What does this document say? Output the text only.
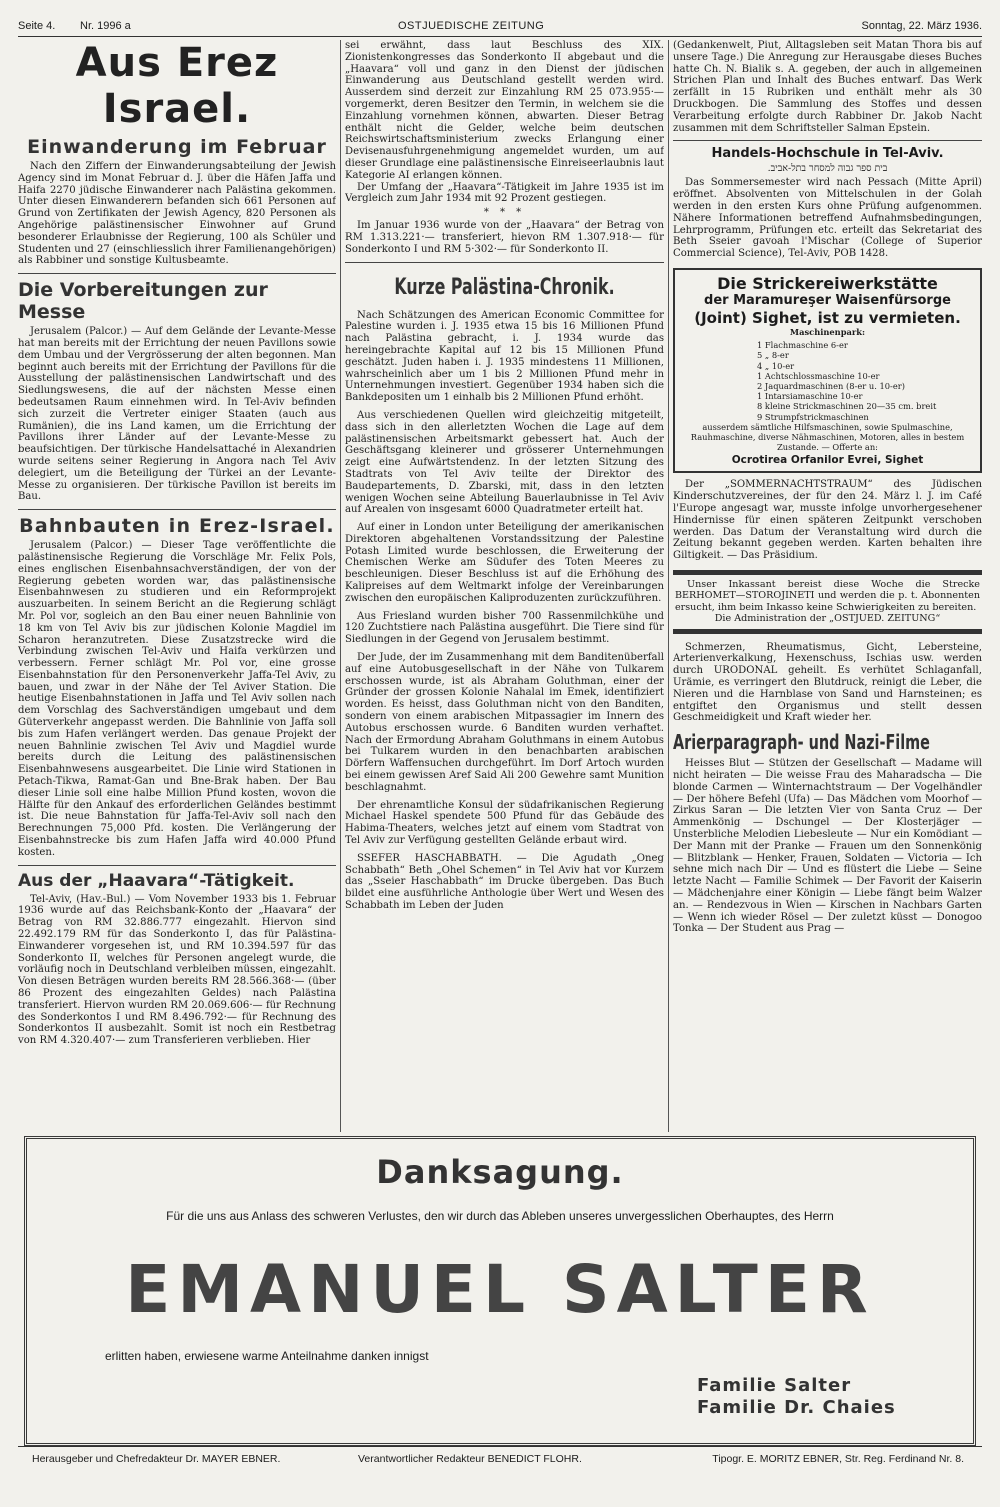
Seite 4. Nr. 1996 a	OSTJUEDISCHE ZEITUNG	Sonntag, 22. März 1936.
Aus Erez Israel.
Einwanderung im Februar

Nach den Ziffern der Einwanderungsabteilung der Jewish Agency sind im Monat Februar d. J. über die Häfen Jaffa und Haifa 2270 jüdische Einwanderer nach Palästina gekommen. Unter diesen Einwanderern befanden sich 661 Personen auf Grund von Zertifikaten der Jewish Agency, 820 Personen als Angehörige palästinensischer Einwohner auf Grund besonderer Erlaubnisse der Regierung, 100 als Schüler und Studenten und 27 (einschliesslich ihrer Familienangehörigen) als Rabbiner und sonstige Kultusbeamte.

Die Vorbereitungen zur Messe

Jerusalem (Palcor.) — Auf dem Gelände der Levante-Messe hat man bereits mit der Errichtung der neuen Pavillons sowie dem Umbau und der Vergrösserung der alten begonnen. Man beginnt auch bereits mit der Errichtung der Pavillons für die Ausstellung der palästinensischen Landwirtschaft und des Siedlungswesens, die auf der nächsten Messe einen bedeutsamen Raum einnehmen wird. In Tel-Aviv befinden sich zurzeit die Vertreter einiger Staaten (auch aus Rumänien), die ins Land kamen, um die Errichtung der Pavillons ihrer Länder auf der Levante-Messe zu beaufsichtigen. Der türkische Handelsattaché in Alexandrien wurde seitens seiner Regierung in Angora nach Tel Aviv delegiert, um die Beteiligung der Türkei an der Levante-Messe zu organisieren. Der türkische Pavillon ist bereits im Bau.

Bahnbauten in Erez-Israel.

Jerusalem (Palcor.) — Dieser Tage veröffentlichte die palästinensische Regierung die Vorschläge Mr. Felix Pols, eines englischen Eisenbahnsachverständigen, der von der Regierung gebeten worden war, das palästinensische Eisenbahnwesen zu studieren und ein Reformprojekt auszuarbeiten. In seinem Bericht an die Regierung schlägt Mr. Pol vor, sogleich an den Bau einer neuen Bahnlinie von 18 km von Tel Aviv bis zur jüdischen Kolonie Magdiel im Scharon heranzutreten. Diese Zusatzstrecke wird die Verbindung zwischen Tel-Aviv und Haifa verkürzen und verbessern. Ferner schlägt Mr. Pol vor, eine grosse Eisenbahnstation für den Personenverkehr Jaffa-Tel Aviv, zu bauen, und zwar in der Nähe der Tel Aviver Station. Die heutige Eisenbahnstationen in Jaffa und Tel Aviv sollen nach dem Vorschlag des Sachverständigen umgebaut und dem Güterverkehr angepasst werden. Die Bahnlinie von Jaffa soll bis zum Hafen verlängert werden. Das genaue Projekt der neuen Bahnlinie zwischen Tel Aviv und Magdiel wurde bereits durch die Leitung des palästinensischen Eisenbahnwesens ausgearbeitet. Die Linie wird Stationen in Petach-Tikwa, Ramat-Gan und Bne-Brak haben. Der Bau dieser Linie soll eine halbe Million Pfund kosten, wovon die Hälfte für den Ankauf des erforderlichen Geländes bestimmt ist. Die neue Bahnstation für Jaffa-Tel-Aviv soll nach den Berechnungen 75,000 Pfd. kosten. Die Verlängerung der Eisenbahnstrecke bis zum Hafen Jaffa wird 40.000 Pfund kosten.

Aus der „Haavara“-Tätigkeit.

Tel-Aviv, (Hav.-Bul.) — Vom November 1933 bis 1. Februar 1936 wurde auf das Reichsbank-Konto der „Haavara“ der Betrag von RM 32.886.777 eingezahlt. Hiervon sind 22.492.179 RM für das Sonderkonto I, das für Palästina-Einwanderer vorgesehen ist, und RM 10.394.597 für das Sonderkonto II, welches für Personen angelegt wurde, die vorläufig noch in Deutschland verbleiben müssen, eingezahlt. Von diesen Beträgen wurden bereits RM 28.566.368·— (über 86 Prozent des eingezahlten Geldes) nach Palästina transferiert. Hiervon wurden RM 20.069.606·— für Rechnung des Sonderkontos I und RM 8.496.792·— für Rechnung des Sonderkontos II ausbezahlt. Somit ist noch ein Restbetrag von RM 4.320.407·— zum Transferieren verblieben. Hier

sei erwähnt, dass laut Beschluss des XIX. Zionistenkongresses das Sonderkonto II abgebaut und die „Haavara“ voll und ganz in den Dienst der jüdischen Einwanderung aus Deutschland gestellt werden wird. Ausserdem sind derzeit zur Einzahlung RM 25 073.955·— vorgemerkt, deren Besitzer den Termin, in welchem sie die Einzahlung vornehmen können, abwarten. Dieser Betrag enthält nicht die Gelder, welche beim deutschen Reichswirtschaftsministerium zwecks Erlangung einer Devisenausfuhrgenehmigung angemeldet wurden, um auf dieser Grundlage eine palästinensische Einreiseerlaubnis laut Kategorie AI erlangen können.

Der Umfang der „Haavara“-Tätigkeit im Jahre 1935 ist im Vergleich zum Jahr 1934 mit 92 Prozent gestiegen.

* * *

Im Januar 1936 wurde von der „Haavara“ der Betrag von RM 1.313.221·— transferiert, hievon RM 1.307.918·— für Sonderkonto I und RM 5·302·— für Sonderkonto II.

Kurze Palästina-Chronik.

Nach Schätzungen des American Economic Committee for Palestine wurden i. J. 1935 etwa 15 bis 16 Millionen Pfund nach Palästina gebracht, i. J. 1934 wurde das hereingebrachte Kapital auf 12 bis 15 Millionen Pfund geschätzt. Juden haben i. J. 1935 mindestens 11 Millionen, wahrscheinlich aber um 1 bis 2 Millionen Pfund mehr in Unternehmungen investiert. Gegenüber 1934 haben sich die Bankdepositen um 1 einhalb bis 2 Millionen Pfund erhöht.

Aus verschiedenen Quellen wird gleichzeitig mitgeteilt, dass sich in den allerletzten Wochen die Lage auf dem palästinensischen Arbeitsmarkt gebessert hat. Auch der Geschäftsgang kleinerer und grösserer Unternehmungen zeigt eine Aufwärtstendenz. In der letzten Sitzung des Stadtrats von Tel Aviv teilte der Direktor des Baudepartements, D. Zbarski, mit, dass in den letzten wenigen Wochen seine Abteilung Bauerlaubnisse in Tel Aviv auf Arealen von insgesamt 6000 Quadratmeter erteilt hat.

Auf einer in London unter Beteiligung der amerikanischen Direktoren abgehaltenen Vorstandssitzung der Palestine Potash Limited wurde beschlossen, die Erweiterung der Chemischen Werke am Südufer des Toten Meeres zu beschleunigen. Dieser Beschluss ist auf die Erhöhung des Kalipreises auf dem Weltmarkt infolge der Vereinbarungen zwischen den europäischen Kaliproduzenten zurückzuführen.

Aus Friesland wurden bisher 700 Rassenmilchkühe und 120 Zuchtstiere nach Palästina ausgeführt. Die Tiere sind für Siedlungen in der Gegend von Jerusalem bestimmt.

Der Jude, der im Zusammenhang mit dem Banditenüberfall auf eine Autobusgesellschaft in der Nähe von Tulkarem erschossen wurde, ist als Abraham Goluthman, einer der Gründer der grossen Kolonie Nahalal im Emek, identifiziert worden. Es heisst, dass Goluthman nicht von den Banditen, sondern von einem arabischen Mitpassagier im Innern des Autobus erschossen wurde. 6 Banditen wurden verhaftet. Nach der Ermordung Abraham Goluthmans in einem Autobus bei Tulkarem wurden in den benachbarten arabischen Dörfern Waffensuchen durchgeführt. Im Dorf Artoch wurden bei einem gewissen Aref Said Ali 200 Gewehre samt Munition beschlagnahmt.

Der ehrenamtliche Konsul der südafrikanischen Regierung Michael Haskel spendete 500 Pfund für das Gebäude des Habima-Theaters, welches jetzt auf einem vom Stadtrat von Tel Aviv zur Verfügung gestellten Gelände erbaut wird.

SSEFER HASCHABBATH. — Die Agudath „Oneg Schabbath“ Beth „Ohel Schemen“ in Tel Aviv hat vor Kurzem das „Sseier Haschabbath“ im Drucke übergeben. Das Buch bildet eine ausführliche Anthologie über Wert und Wesen des Schabbath im Leben der Juden

(Gedankenwelt, Piut, Alltagsleben seit Matan Thora bis auf unsere Tage.) Die Anregung zur Herausgabe dieses Buches hatte Ch. N. Bialik s. A. gegeben, der auch in allgemeinen Strichen Plan und Inhalt des Buches entwarf. Das Werk zerfällt in 15 Rubriken und enthält mehr als 30 Druckbogen. Die Sammlung des Stoffes und dessen Verarbeitung erfolgte durch Rabbiner Dr. Jakob Nacht zusammen mit dem Schriftsteller Salman Epstein.

Handels-Hochschule in Tel-Aviv.
בית ספר גבוה למסחר בתל-אביב.

Das Sommersemester wird nach Pessach (Mitte April) eröffnet. Absolventen von Mittelschulen in der Golah werden in den ersten Kurs ohne Prüfung aufgenommen. Nähere Informationen betreffend Aufnahmsbedingungen, Lehrprogramm, Prüfungen etc. erteilt das Sekretariat des Beth Sseier gavoah l'Mischar (College of Superior Commercial Science), Tel-Aviv, POB 1428.

Die Strickereiwerkstätte
der Maramureşer Waisenfürsorge
(Joint) Sighet, ist zu vermieten.
Maschinenpark:
1 Flachmaschine 6-er
5 „ 8-er
4 „ 10-er
1 Achtschlossmaschine 10-er
2 Jaquardmaschinen (8-er u. 10-er)
1 Intarsiamaschine 10-er
8 kleine Strickmaschinen 20—35 cm. breit
9 Strumpfstrickmaschinen
ausserdem sämtliche Hilfsmaschinen, sowie Spulmaschine, Rauhmaschine, diverse Nähmaschinen, Motoren, alles in bestem Zustande. — Offerte an:
Ocrotirea Orfanilor Evrei, Sighet

Der „SOMMERNACHTSTRAUM“ des Jüdischen Kinderschutzvereines, der für den 24. März l. J. im Café l'Europe angesagt war, musste infolge unvorhergesehener Hindernisse für einen späteren Zeitpunkt verschoben werden. Das Datum der Veranstaltung wird durch die Zeitung bekannt gegeben werden. Karten behalten ihre Giltigkeit. — Das Präsidium.

Unser Inkassant bereist diese Woche die Strecke BERHOMET—STOROJINETI und werden die p. t. Abonnenten ersucht, ihm beim Inkasso keine Schwierigkeiten zu bereiten.

Die Administration der „OSTJUED. ZEITUNG“

Schmerzen, Rheumatismus, Gicht, Lebersteine, Arterienverkalkung, Hexenschuss, Ischias usw. werden durch URODONAL geheilt. Es verhütet Schlaganfall, Urämie, es verringert den Blutdruck, reinigt die Leber, die Nieren und die Harnblase von Sand und Harnsteinen; es entgiftet den Organismus und stellt dessen Geschmeidigkeit und Kraft wieder her.

Arierparagraph- und Nazi-Filme

Heisses Blut — Stützen der Gesellschaft — Madame will nicht heiraten — Die weisse Frau des Maharadscha — Die blonde Carmen — Winternachtstraum — Der Vogelhändler — Der höhere Befehl (Ufa) — Das Mädchen vom Moorhof — Zirkus Saran — Die letzten Vier von Santa Cruz — Der Ammenkönig — Dschungel — Der Klosterjäger — Unsterbliche Melodien Liebesleute — Nur ein Komödiant — Der Mann mit der Pranke — Frauen um den Sonnenkönig — Blitzblank — Henker, Frauen, Soldaten — Victoria — Ich sehne mich nach Dir — Und es flüstert die Liebe — Seine letzte Nacht — Familie Schimek — Der Favorit der Kaiserin — Mädchenjahre einer Königin — Liebe fängt beim Walzer an. — Rendezvous in Wien — Kirschen in Nachbars Garten — Wenn ich wieder Rösel — Der zuletzt küsst — Donogoo Tonka — Der Student aus Prag —

Danksagung.
Für die uns aus Anlass des schweren Verlustes, den wir durch das Ableben unseres unvergesslichen Oberhauptes, des Herrn
EMANUEL SALTER
erlitten haben, erwiesene warme Anteilnahme danken innigst
Familie Salter
Familie Dr. Chaies
Herausgeber und Chefredakteur Dr. MAYER EBNER.	Verantwortlicher Redakteur BENEDICT FLOHR.	Tipogr. E. MORITZ EBNER, Str. Reg. Ferdinand Nr. 8.
